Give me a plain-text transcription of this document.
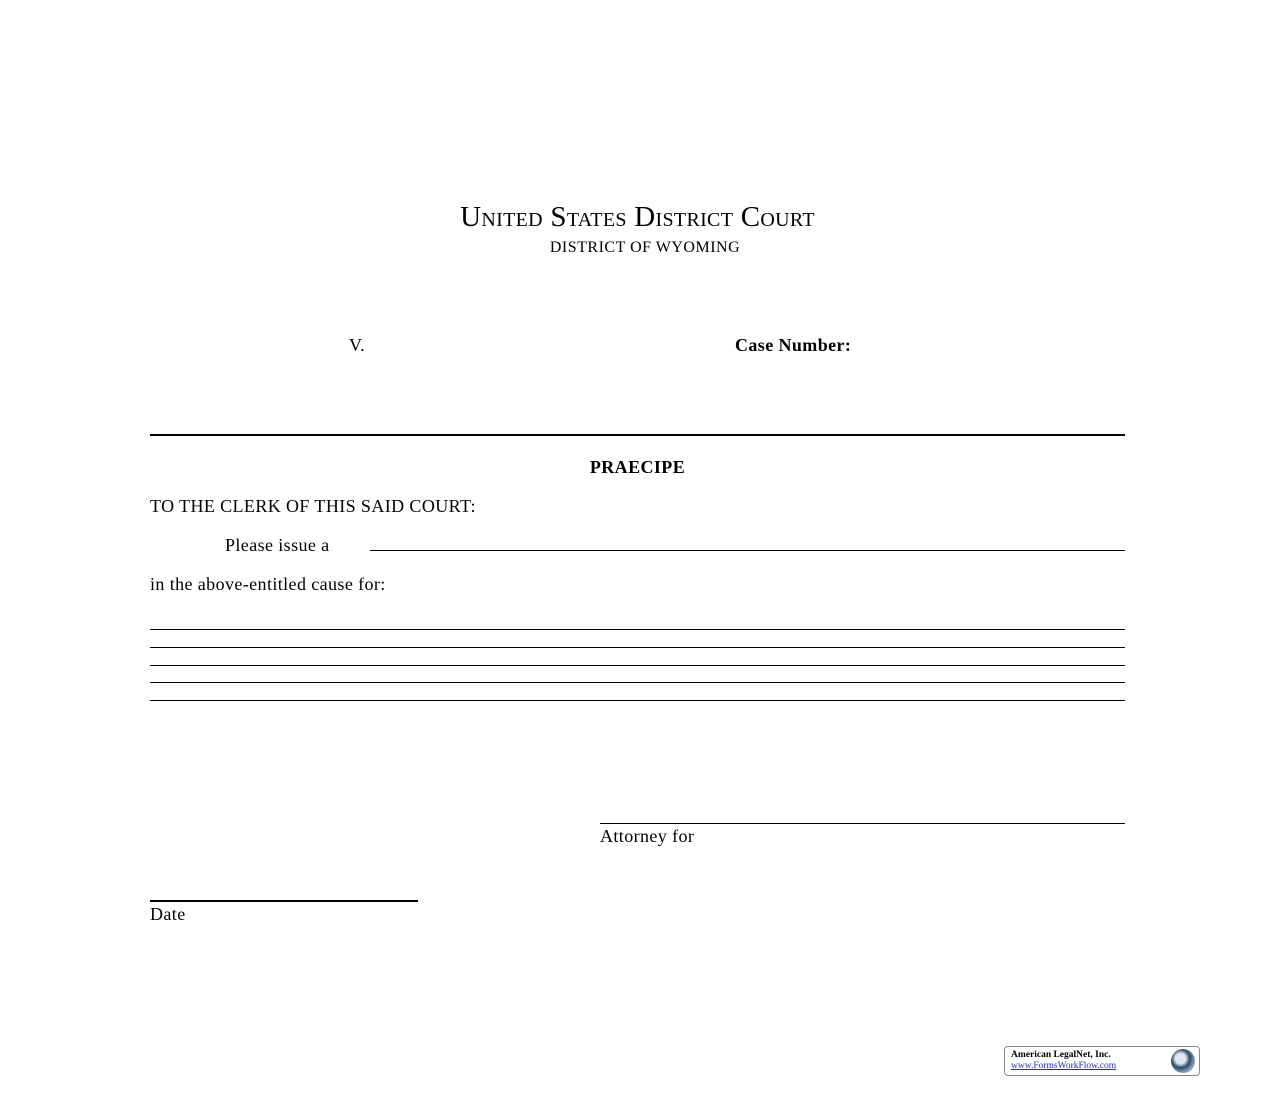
United States District Court
DISTRICT OF WYOMING
V.	Case Number:
PRAECIPE
TO THE CLERK OF THIS SAID COURT:
Please issue a
in the above-entitled cause for:
Attorney for
Date
American LegalNet, Inc.
www.FormsWorkFlow.com
